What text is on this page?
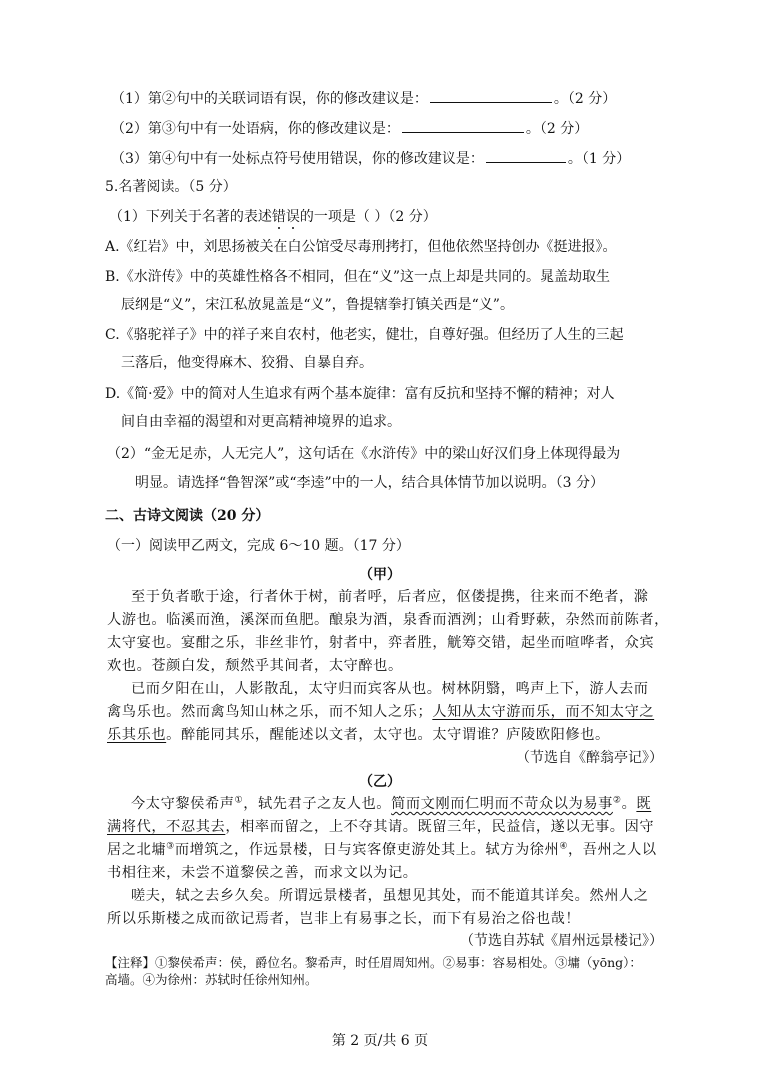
（1）第②句中的关联词语有误，你的修改建议是：	。（2 分）
（2）第③句中有一处语病，你的修改建议是：	。（2 分）
（3）第④句中有一处标点符号使用错误，你的修改建议是：	。（1 分）
5.名著阅读。（5 分）
（1）下列关于名著的表述错误的一项是（ ）（2 分）
A.《红岩》中，刘思扬被关在白公馆受尽毒刑拷打，但他依然坚持创办《挺进报》。
B.《水浒传》中的英雄性格各不相同，但在“义”这一点上却是共同的。晁盖劫取生
辰纲是“义”，宋江私放晁盖是“义”，鲁提辖拳打镇关西是“义”。
C.《骆驼祥子》中的祥子来自农村，他老实，健壮，自尊好强。但经历了人生的三起
三落后，他变得麻木、狡猾、自暴自弃。
D.《简·爱》中的简对人生追求有两个基本旋律：富有反抗和坚持不懈的精神；对人
间自由幸福的渴望和对更高精神境界的追求。
（2）“金无足赤，人无完人”，这句话在《水浒传》中的梁山好汉们身上体现得最为
明显。请选择“鲁智深”或“李逵”中的一人，结合具体情节加以说明。（3 分）
二、古诗文阅读（20 分）
（一）阅读甲乙两文，完成 6～10 题。（17 分）
（甲）
至于负者歌于途，行者休于树，前者呼，后者应，伛偻提携，往来而不绝者，滁
人游也。临溪而渔，溪深而鱼肥。酿泉为酒，泉香而酒洌；山肴野蔌，杂然而前陈者，
太守宴也。宴酣之乐，非丝非竹，射者中，弈者胜，觥筹交错，起坐而喧哗者，众宾
欢也。苍颜白发，颓然乎其间者，太守醉也。
已而夕阳在山，人影散乱，太守归而宾客从也。树林阴翳，鸣声上下，游人去而
禽鸟乐也。然而禽鸟知山林之乐，而不知人之乐；人知从太守游而乐，而不知太守之
乐其乐也。醉能同其乐，醒能述以文者，太守也。太守谓谁？庐陵欧阳修也。
（节选自《醉翁亭记》）
（乙）
今太守黎侯希声①，轼先君子之友人也。简而文刚而仁明而不苛众以为易事②。既
满将代，不忍其去，相率而留之，上不夺其请。既留三年，民益信，遂以无事。因守
居之北墉③而增筑之，作远景楼，日与宾客僚吏游处其上。轼方为徐州④，吾州之人以
书相往来，未尝不道黎侯之善，而求文以为记。
嗟夫，轼之去乡久矣。所谓远景楼者，虽想见其处，而不能道其详矣。然州人之
所以乐斯楼之成而欲记焉者，岂非上有易事之长，而下有易治之俗也哉！
（节选自苏轼《眉州远景楼记》）
【注释】①黎侯希声：侯，爵位名。黎希声，时任眉周知州。②易事：容易相处。③墉（yōng）：
高墙。④为徐州：苏轼时任徐州知州。
第 2 页/共 6 页
